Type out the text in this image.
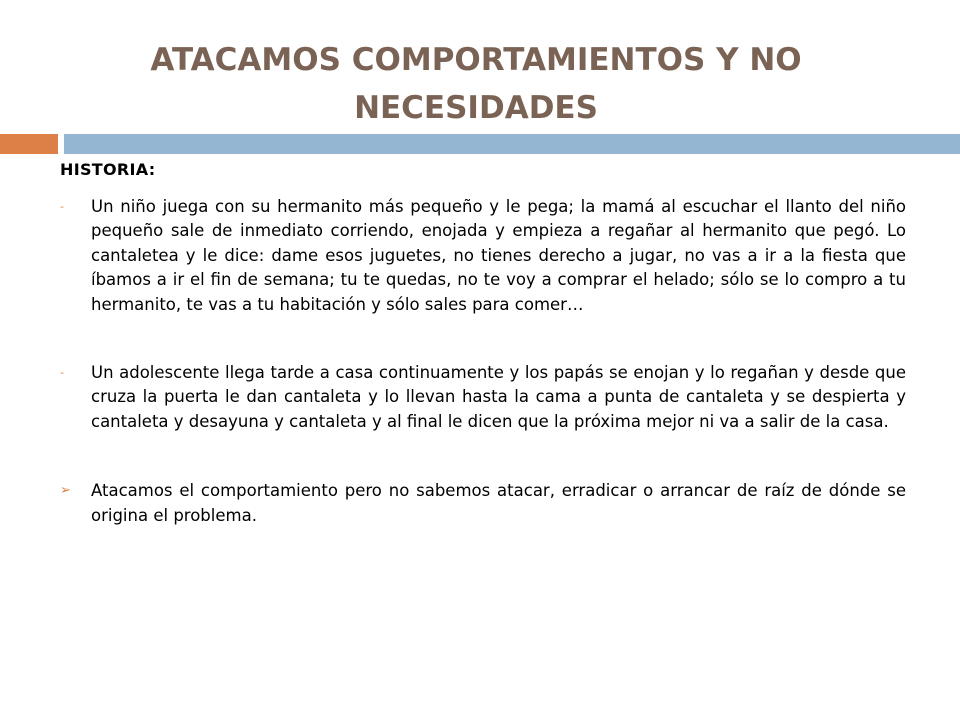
ATACAMOS COMPORTAMIENTOS Y NO
NECESIDADES
HISTORIA:
- Un niño juega con su hermanito más pequeño y le pega; la mamá al escuchar el llanto del niño pequeño sale de inmediato corriendo, enojada y empieza a regañar al hermanito que pegó. Lo cantaletea y le dice: dame esos juguetes, no tienes derecho a jugar, no vas a ir a la fiesta que íbamos a ir el fin de semana; tu te quedas, no te voy a comprar el helado; sólo se lo compro a tu hermanito, te vas a tu habitación y sólo sales para comer…
- Un adolescente llega tarde a casa continuamente y los papás se enojan y lo regañan y desde que cruza la puerta le dan cantaleta y lo llevan hasta la cama a punta de cantaleta y se despierta y cantaleta y desayuna y cantaleta y al final le dicen que la próxima mejor ni va a salir de la casa.
➢ Atacamos el comportamiento pero no sabemos atacar, erradicar o arrancar de raíz de dónde se origina el problema.
